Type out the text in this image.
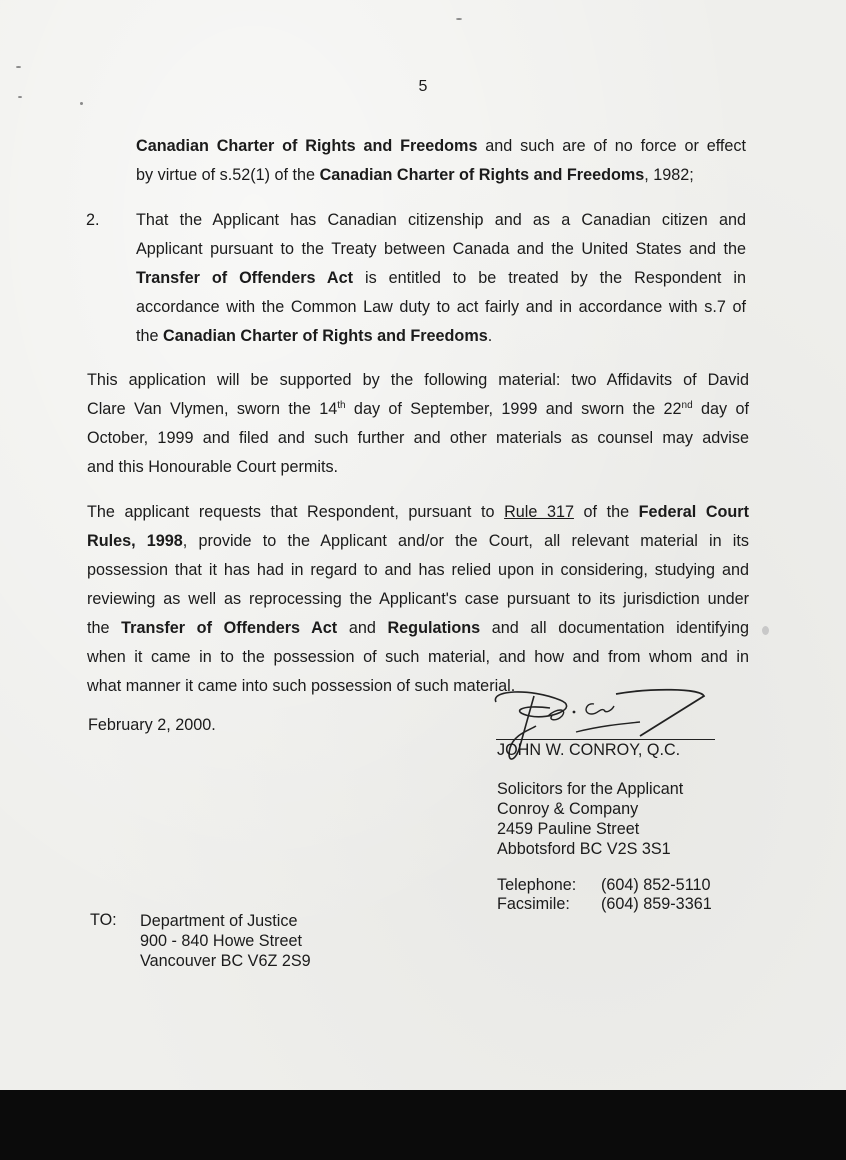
5
Canadian Charter of Rights and Freedoms and such are of no force or effect
by virtue of s.52(1) of the Canadian Charter of Rights and Freedoms, 1982;
2. That the Applicant has Canadian citizenship and as a Canadian citizen and
Applicant pursuant to the Treaty between Canada and the United States and the
Transfer of Offenders Act is entitled to be treated by the Respondent in
accordance with the Common Law duty to act fairly and in accordance with s.7 of
the Canadian Charter of Rights and Freedoms.
This application will be supported by the following material: two Affidavits of David
Clare Van Vlymen, sworn the 14th day of September, 1999 and sworn the 22nd day of
October, 1999 and filed and such further and other materials as counsel may advise
and this Honourable Court permits.
The applicant requests that Respondent, pursuant to Rule 317 of the Federal Court
Rules, 1998, provide to the Applicant and/or the Court, all relevant material in its
possession that it has had in regard to and has relied upon in considering, studying and
reviewing as well as reprocessing the Applicant's case pursuant to its jurisdiction under
the Transfer of Offenders Act and Regulations and all documentation identifying
when it came in to the possession of such material, and how and from whom and in
what manner it came into such possession of such material.
February 2, 2000.
JOHN W. CONROY, Q.C.
Solicitors for the Applicant
Conroy & Company
2459 Pauline Street
Abbotsford BC V2S 3S1
Telephone:	(604) 852-5110
Facsimile:	(604) 859-3361
TO: Department of Justice
900 - 840 Howe Street
Vancouver BC V6Z 2S9
